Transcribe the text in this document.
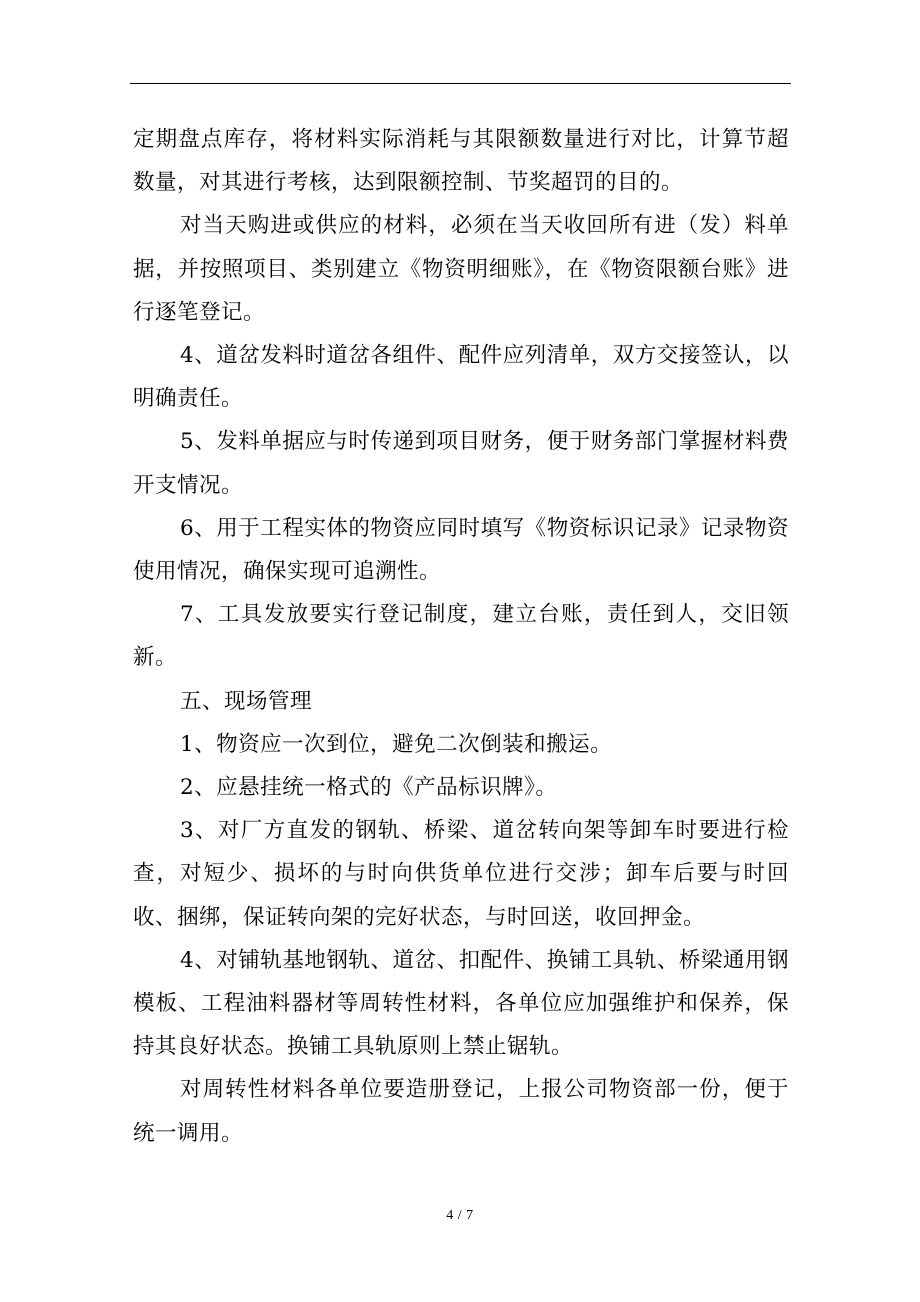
定期盘点库存，将材料实际消耗与其限额数量进行对比，计算节超数量，对其进行考核，达到限额控制、节奖超罚的目的。

对当天购进或供应的材料，必须在当天收回所有进（发）料单据，并按照项目、类别建立《物资明细账》，在《物资限额台账》进行逐笔登记。

4、道岔发料时道岔各组件、配件应列清单，双方交接签认，以明确责任。

5、发料单据应与时传递到项目财务，便于财务部门掌握材料费开支情况。

6、用于工程实体的物资应同时填写《物资标识记录》记录物资使用情况，确保实现可追溯性。

7、工具发放要实行登记制度，建立台账，责任到人，交旧领新。

五、现场管理

1、物资应一次到位，避免二次倒装和搬运。

2、应悬挂统一格式的《产品标识牌》。

3、对厂方直发的钢轨、桥梁、道岔转向架等卸车时要进行检查，对短少、损坏的与时向供货单位进行交涉；卸车后要与时回收、捆绑，保证转向架的完好状态，与时回送，收回押金。

4、对铺轨基地钢轨、道岔、扣配件、换铺工具轨、桥梁通用钢模板、工程油料器材等周转性材料，各单位应加强维护和保养，保持其良好状态。换铺工具轨原则上禁止锯轨。

对周转性材料各单位要造册登记，上报公司物资部一份，便于统一调用。

4 / 7
